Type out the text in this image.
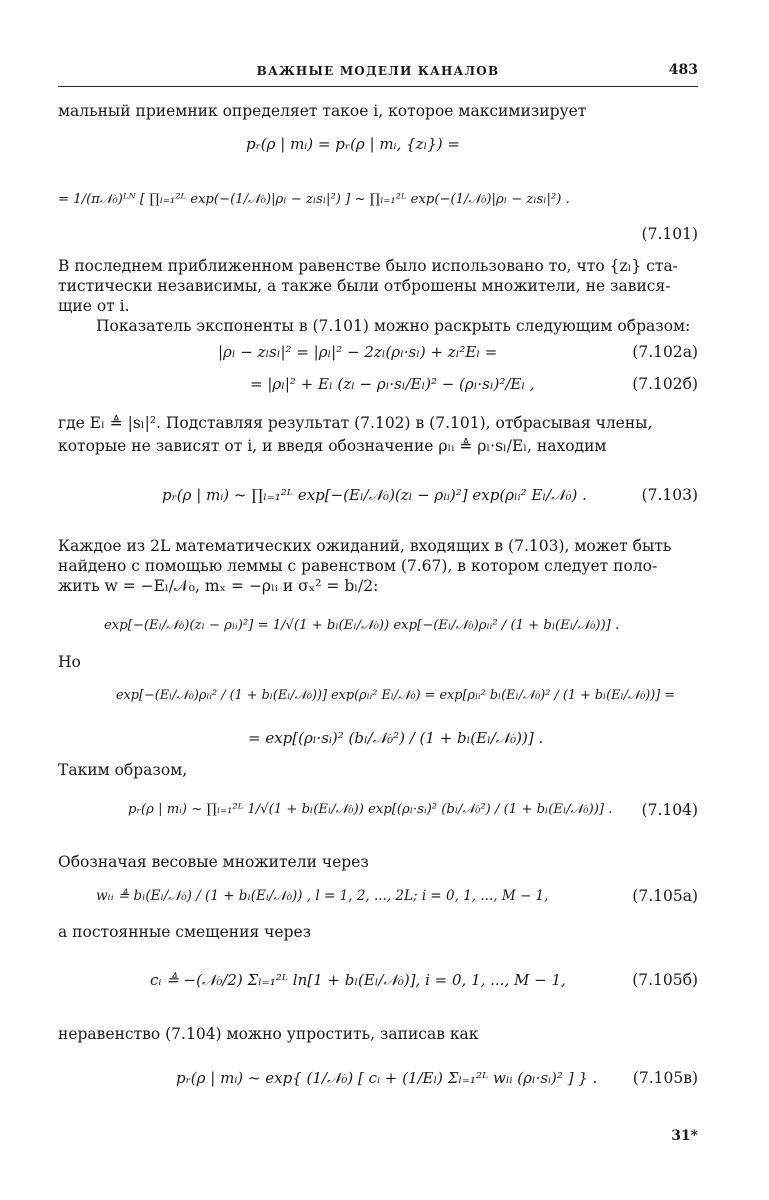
ВАЖНЫЕ МОДЕЛИ КАНАЛОВ	483
мальный приемник определяет такое i, которое максимизирует
pᵣ(ρ | mᵢ) = pᵣ(ρ | mᵢ, {zₗ}) =
= 1/(π𝒩₀)ᴸᴺ [ ∏ₗ₌₁²ᴸ exp(−(1/𝒩₀)|ρₗ − zₗsₗ|²) ] ~ ∏ₗ₌₁²ᴸ exp(−(1/𝒩₀)|ρₗ − zₗsₗ|²) .
(7.101)
В последнем приближенном равенстве было использовано то, что {zₗ} ста-
тистически независимы, а также были отброшены множители, не завися-
щие от i.
Показатель экспоненты в (7.101) можно раскрыть следующим образом:
|ρₗ − zₗsₗ|² = |ρₗ|² − 2zₗ(ρₗ·sₗ) + zₗ²Eₗ =	(7.102a)
= |ρₗ|² + Eₗ (zₗ − ρₗ·sₗ/Eₗ)² − (ρₗ·sₗ)²/Eₗ ,	(7.102б)
где Eₗ ≜ |sₗ|². Подставляя результат (7.102) в (7.101), отбрасывая члены,
которые не зависят от i, и введя обозначение ρₗᵢ ≜ ρₗ·sₗ/Eₗ, находим
pᵣ(ρ | mᵢ) ~ ∏ₗ₌₁²ᴸ exp[−(Eₗ/𝒩₀)(zₗ − ρₗᵢ)²] exp(ρₗᵢ² Eₗ/𝒩₀) .	(7.103)
Каждое из 2L математических ожиданий, входящих в (7.103), может быть
найдено с помощью леммы с равенством (7.67), в котором следует поло-
жить w = −Eₗ/𝒩₀, mₓ = −ρₗᵢ и σₓ² = bₗ/2:
exp[−(Eₗ/𝒩₀)(zₗ − ρₗᵢ)²] = 1/√(1 + bₗ(Eₗ/𝒩₀)) exp[−(Eₗ/𝒩₀)ρₗᵢ² / (1 + bₗ(Eₗ/𝒩₀))] .
Но
exp[−(Eₗ/𝒩₀)ρₗᵢ² / (1 + bₗ(Eₗ/𝒩₀))] exp(ρₗᵢ² Eₗ/𝒩₀) = exp[ρₗᵢ² bₗ(Eₗ/𝒩₀)² / (1 + bₗ(Eₗ/𝒩₀))] =
= exp[(ρₗ·sᵢ)² (bₗ/𝒩₀²) / (1 + bₗ(Eₗ/𝒩₀))] .
Таким образом,
pᵣ(ρ | mᵢ) ~ ∏ₗ₌₁²ᴸ 1/√(1 + bₗ(Eₗ/𝒩₀)) exp[(ρₗ·sᵢ)² (bₗ/𝒩₀²) / (1 + bₗ(Eₗ/𝒩₀))] . (7.104)
Обозначая весовые множители через
wₗᵢ ≜ bₗ(Eₗ/𝒩₀) / (1 + bₗ(Eₗ/𝒩₀)) , l = 1, 2, ..., 2L; i = 0, 1, ..., M − 1,	(7.105a)
а постоянные смещения через
cᵢ ≜ −(𝒩₀/2) Σₗ₌₁²ᴸ ln[1 + bₗ(Eₗ/𝒩₀)], i = 0, 1, ..., M − 1,	(7.105б)
неравенство (7.104) можно упростить, записав как
pᵣ(ρ | mᵢ) ~ exp{ (1/𝒩₀) [ cᵢ + (1/Eₗ) Σₗ₌₁²ᴸ wₗᵢ (ρₗ·sᵢ)² ] } . (7.105в)
31*
